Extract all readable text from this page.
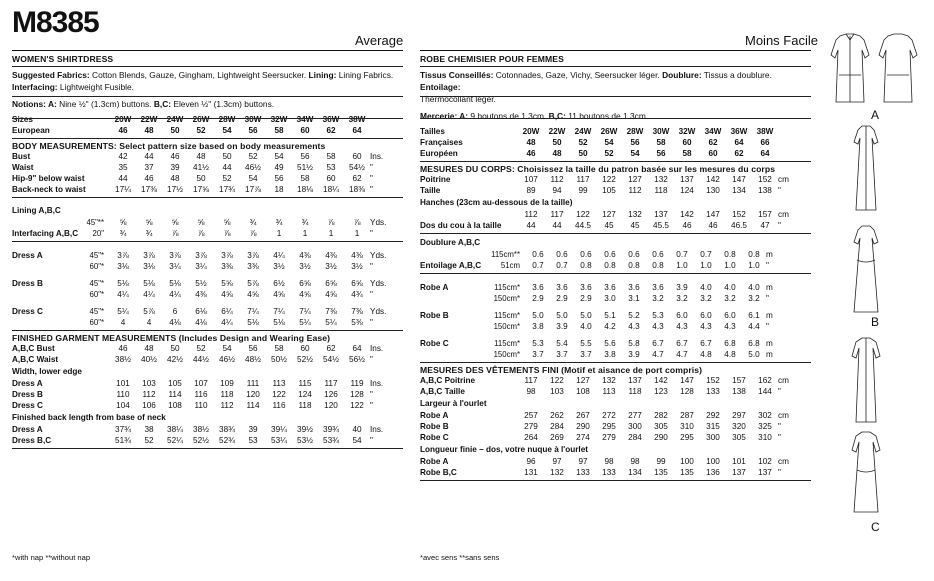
M8385
Average	Moins Facile
WOMEN'S SHIRTDRESS
Suggested Fabrics: Cotton Blends, Gauze, Gingham, Lightweight Seersucker. Lining: Lining Fabrics.
Interfacing: Lightweight Fusible.
Notions: A: Nine ½" (1.3cm) buttons. B,C: Eleven ½" (1.3cm) buttons.
Sizes		20W	22W	24W	26W	28W	30W	32W	34W	36W	38W	
European		46	48	50	52	54	56	58	60	62	64	
BODY MEASUREMENTS: Select pattern size based on body measurements
Bust		42	44	46	48	50	52	54	56	58	60	Ins.
Waist		35	37	39	41½	44	46½	49	51½	53	54½	"
Hip-9" below waist		44	46	48	50	52	54	56	58	60	62	"
Back-neck to waist		17¼	17⅜	17½	17⅝	17¾	17⅞	18	18⅛	18¼	18⅜	"
Lining A,B,C
	45"**	⅝	⅝	⅝	⅝	⅝	¾	¾	¾	⅞	⅞	Yds.
Interfacing A,B,C	20"	¾	¾	⅞	⅞	⅞	⅞	1	1	1	1	"
Dress A	45"*	3⅞	3⅞	3⅞	3⅞	3⅞	3⅞	4¼	4⅜	4⅜	4⅜	Yds.
	60"*	3⅛	3⅛	3¼	3¼	3⅜	3⅜	3½	3½	3½	3½	"
Dress B	45"*	5⅛	5⅛	5⅛	5½	5⅝	5⅞	6½	6⅝	6⅝	6⅝	Yds.
	60"*	4¼	4¼	4¼	4⅜	4⅝	4⅝	4⅝	4⅝	4⅝	4¾	"
Dress C	45"*	5¼	5⅞	6	6⅛	6¼	7¼	7¼	7¼	7⅜	7⅜	Yds.
	60"*	4	4	4⅛	4⅛	4¼	5⅛	5⅛	5¼	5¼	5⅜	"
FINISHED GARMENT MEASUREMENTS (Includes Design and Wearing Ease)
A,B,C Bust		46	48	50	52	54	56	58	60	62	64	Ins.
A,B,C Waist		38½	40½	42½	44½	46½	48½	50½	52½	54½	56½	"
Width, lower edge
Dress A		101	103	105	107	109	111	113	115	117	119	Ins.
Dress B		110	112	114	116	118	120	122	124	126	128	"
Dress C		104	106	108	110	112	114	116	118	120	122	"
Finished back length from base of neck
Dress A		37¾	38	38¼	38½	38¾	39	39¼	39½	39¾	40	Ins.
Dress B,C		51¾	52	52¼	52½	52¾	53	53¼	53½	53¾	54	"
ROBE CHEMISIER POUR FEMMES
Tissus Conseillés: Cotonnades, Gaze, Vichy, Seersucker léger. Doublure: Tissus a doublure. Entoilage:
Thermocollant léger.
Mercerie: A: 9 boutons de 1.3cm. B,C: 11 boutons de 1.3cm.
Tailles		20W	22W	24W	26W	28W	30W	32W	34W	36W	38W	
Françaises		48	50	52	54	56	58	60	62	64	66	
Européen		46	48	50	52	54	56	58	60	62	64	
MESURES DU CORPS: Choisissez la taille du patron basée sur les mesures du corps
Poitrine		107	112	117	122	127	132	137	142	147	152	cm
Taille		89	94	99	105	112	118	124	130	134	138	"
Hanches (23cm au-dessous de la taille)
		112	117	122	127	132	137	142	147	152	157	cm
Dos du cou à la taille		44	44	44.5	45	45	45.5	46	46	46.5	47	"
Doublure A,B,C
	115cm**	0.6	0.6	0.6	0.6	0.6	0.6	0.7	0.7	0.8	0.8	m
Entoilage A,B,C	51cm	0.7	0.7	0.8	0.8	0.8	0.8	1.0	1.0	1.0	1.0	"
Robe A	115cm*	3.6	3.6	3.6	3.6	3.6	3.6	3.9	4.0	4.0	4.0	m
	150cm*	2.9	2.9	2.9	3.0	3.1	3.2	3.2	3.2	3.2	3.2	"
Robe B	115cm*	5.0	5.0	5.0	5.1	5.2	5.3	6.0	6.0	6.0	6.1	m
	150cm*	3.8	3.9	4.0	4.2	4.3	4.3	4.3	4.3	4.3	4.4	"
Robe C	115cm*	5.3	5.4	5.5	5.6	5.8	6.7	6.7	6.7	6.8	6.8	m
	150cm*	3.7	3.7	3.7	3.8	3.9	4.7	4.7	4.8	4.8	5.0	m
MESURES DES VÊTEMENTS FINI (Motif et aisance de port compris)
A,B,C Poitrine		117	122	127	132	137	142	147	152	157	162	cm
A,B,C Taille		98	103	108	113	118	123	128	133	138	144	"
Largeur à l'ourlet
Robe A		257	262	267	272	277	282	287	292	297	302	cm
Robe B		279	284	290	295	300	305	310	315	320	325	"
Robe C		264	269	274	279	284	290	295	300	305	310	"
Longueur finie – dos, votre nuque à l'ourlet
Robe A		96	97	97	98	98	99	100	100	101	102	cm
Robe B,C		131	132	133	133	134	135	135	136	137	137	"
*with nap **without nap	*avec sens **sans sens
A
B
C
